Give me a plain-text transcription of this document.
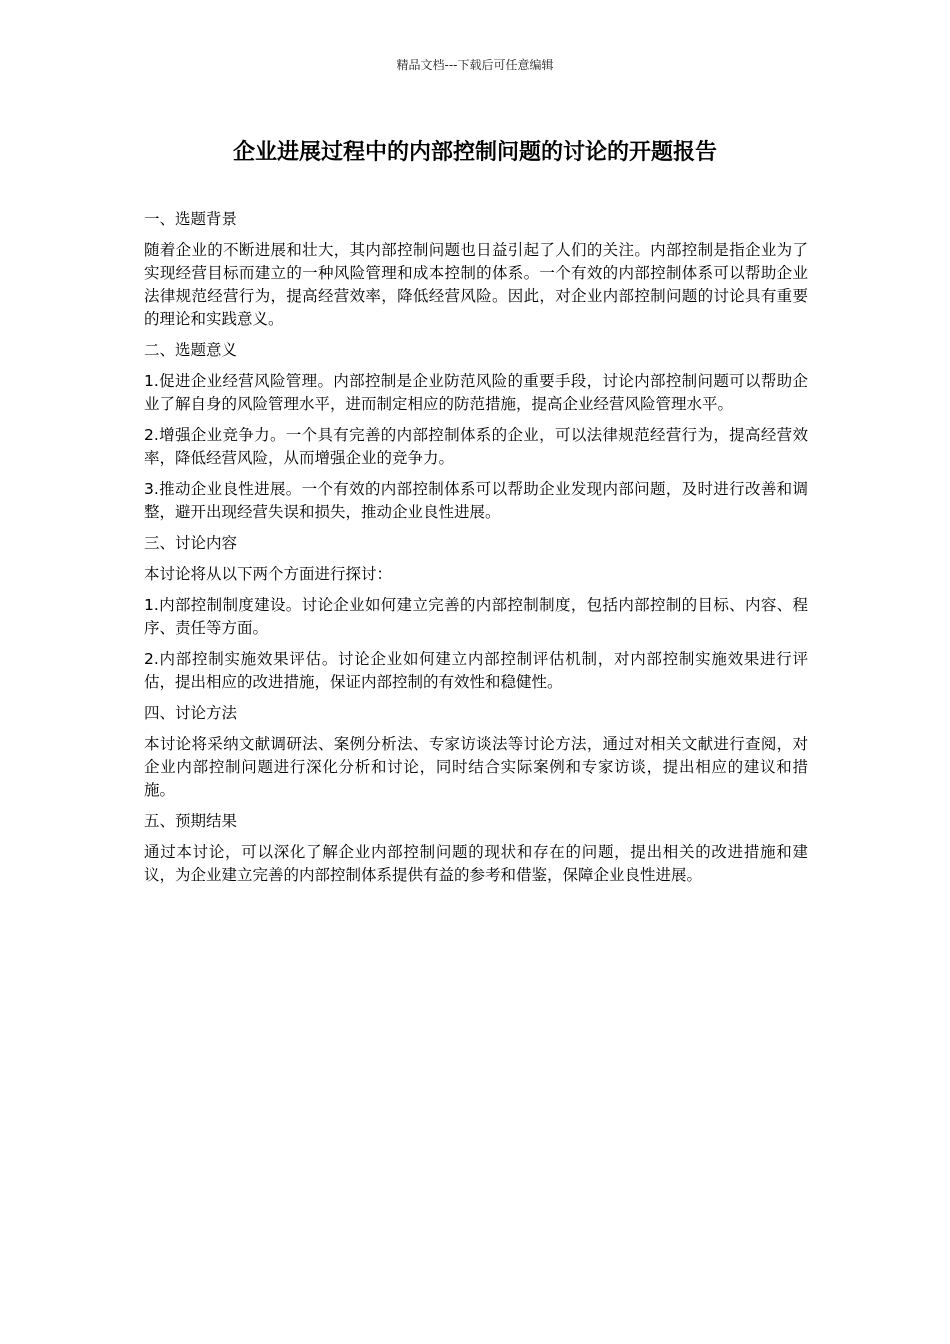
精品文档---下载后可任意编辑
企业进展过程中的内部控制问题的讨论的开题报告

一、选题背景

随着企业的不断进展和壮大，其内部控制问题也日益引起了人们的关注。内部控制是指企业为了实现经营目标而建立的一种风险管理和成本控制的体系。一个有效的内部控制体系可以帮助企业法律规范经营行为，提高经营效率，降低经营风险。因此，对企业内部控制问题的讨论具有重要的理论和实践意义。

二、选题意义

1.促进企业经营风险管理。内部控制是企业防范风险的重要手段，讨论内部控制问题可以帮助企业了解自身的风险管理水平，进而制定相应的防范措施，提高企业经营风险管理水平。

2.增强企业竞争力。一个具有完善的内部控制体系的企业，可以法律规范经营行为，提高经营效率，降低经营风险，从而增强企业的竞争力。

3.推动企业良性进展。一个有效的内部控制体系可以帮助企业发现内部问题，及时进行改善和调整，避开出现经营失误和损失，推动企业良性进展。

三、讨论内容

本讨论将从以下两个方面进行探讨：

1.内部控制制度建设。讨论企业如何建立完善的内部控制制度，包括内部控制的目标、内容、程序、责任等方面。

2.内部控制实施效果评估。讨论企业如何建立内部控制评估机制，对内部控制实施效果进行评估，提出相应的改进措施，保证内部控制的有效性和稳健性。

四、讨论方法

本讨论将采纳文献调研法、案例分析法、专家访谈法等讨论方法，通过对相关文献进行查阅，对企业内部控制问题进行深化分析和讨论，同时结合实际案例和专家访谈，提出相应的建议和措施。

五、预期结果

通过本讨论，可以深化了解企业内部控制问题的现状和存在的问题，提出相关的改进措施和建议，为企业建立完善的内部控制体系提供有益的参考和借鉴，保障企业良性进展。
